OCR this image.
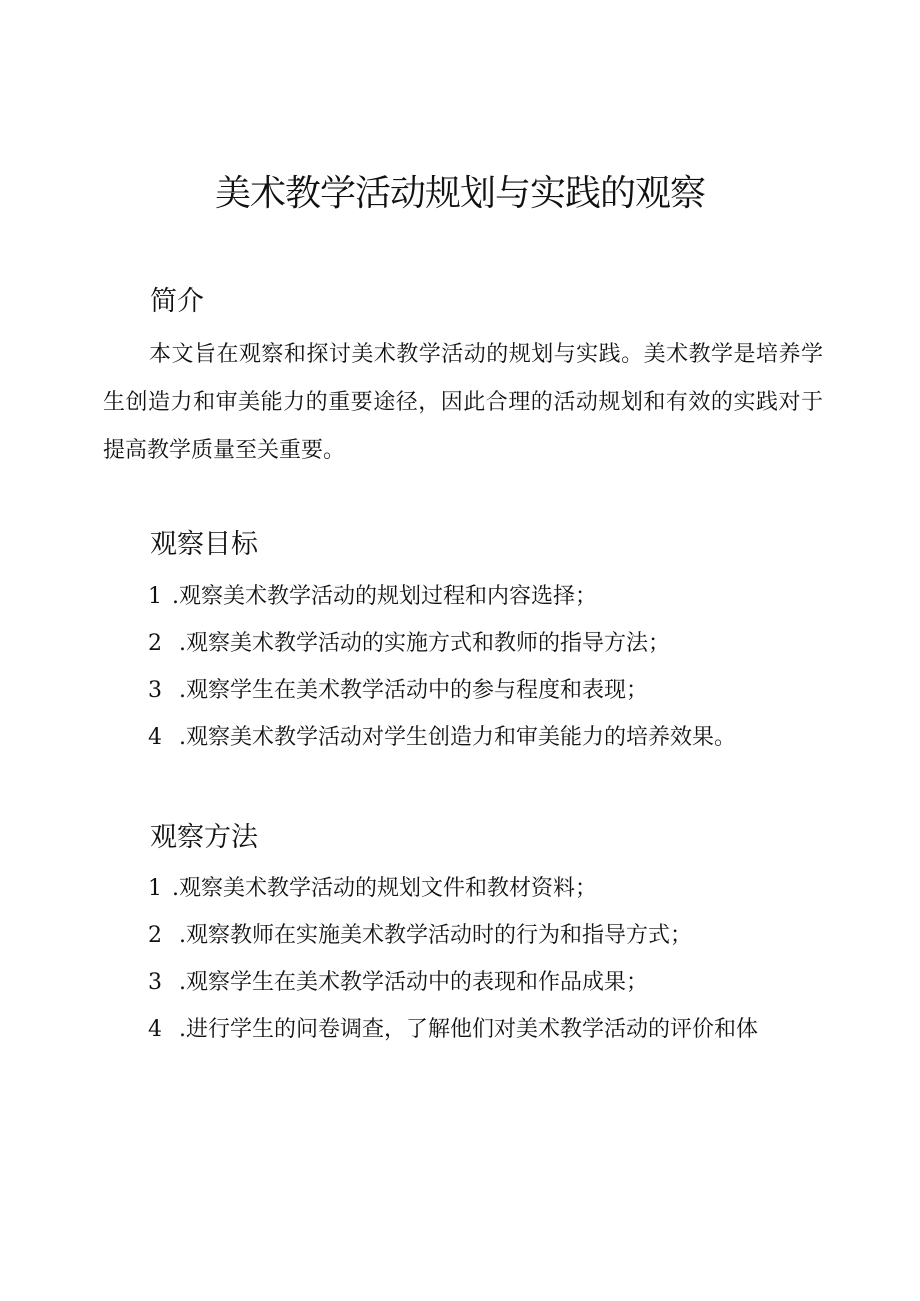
美术教学活动规划与实践的观察
简介

本文旨在观察和探讨美术教学活动的规划与实践。美术教学是培养学生创造力和审美能力的重要途径，因此合理的活动规划和有效的实践对于提高教学质量至关重要。

观察目标
1 .观察美术教学活动的规划过程和内容选择；
2 .观察美术教学活动的实施方式和教师的指导方法；
3 .观察学生在美术教学活动中的参与程度和表现；
4 .观察美术教学活动对学生创造力和审美能力的培养效果。
观察方法
1 .观察美术教学活动的规划文件和教材资料；
2 .观察教师在实施美术教学活动时的行为和指导方式；
3 .观察学生在美术教学活动中的表现和作品成果；
4 .进行学生的问卷调查，了解他们对美术教学活动的评价和体
